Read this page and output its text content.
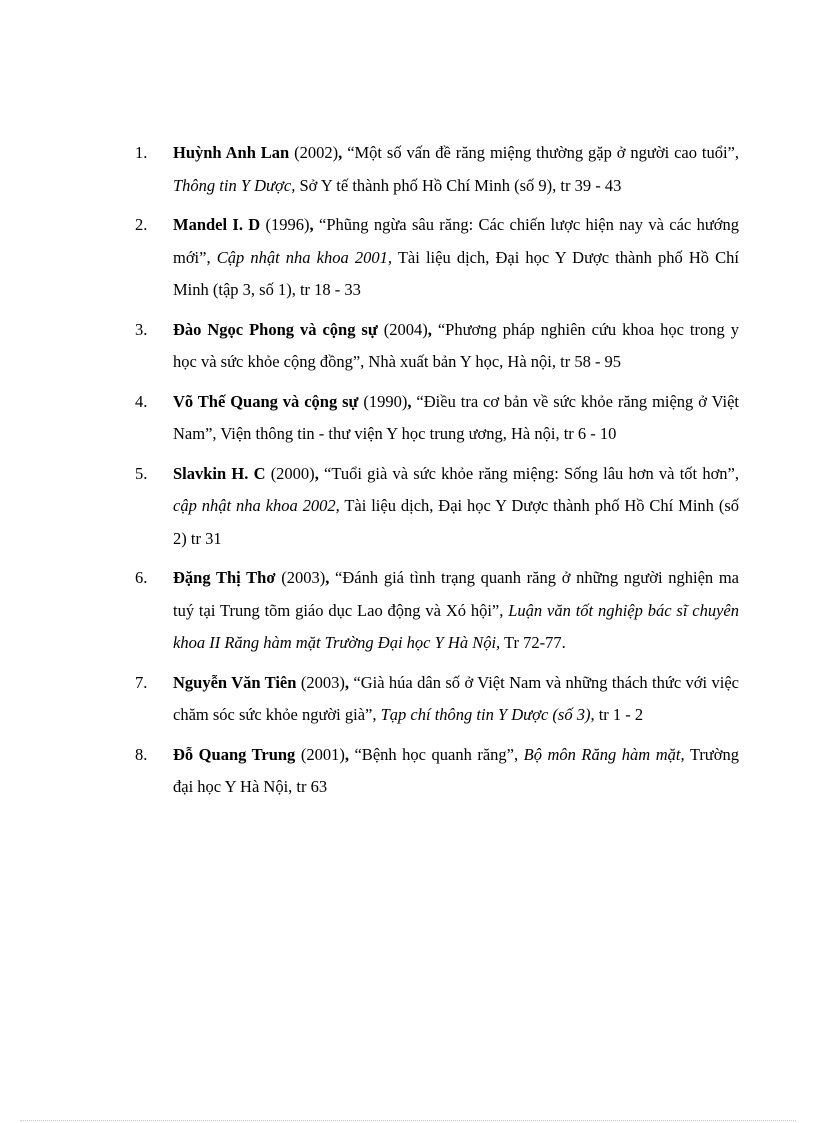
1.	Huỳnh Anh Lan (2002), “Một số vấn đề răng miệng thường gặp ở người cao tuổi”, Thông tin Y Dược, Sở Y tế thành phố Hồ Chí Minh (số 9), tr 39 - 43
2.	Mandel I. D (1996), “Phũng ngừa sâu răng: Các chiến lược hiện nay và các hướng mới”, Cập nhật nha khoa 2001, Tài liệu dịch, Đại học Y Dược thành phố Hồ Chí Minh (tập 3, số 1), tr 18 - 33
3.	Đào Ngọc Phong và cộng sự (2004), “Phương pháp nghiên cứu khoa học trong y học và sức khỏe cộng đồng”, Nhà xuất bản Y học, Hà nội, tr 58 - 95
4.	Võ Thế Quang và cộng sự (1990), “Điều tra cơ bản về sức khỏe răng miệng ở Việt Nam”, Viện thông tin - thư viện Y học trung ương, Hà nội, tr 6 - 10
5.	Slavkin H. C (2000), “Tuổi già và sức khỏe răng miệng: Sống lâu hơn và tốt hơn”, cập nhật nha khoa 2002, Tài liệu dịch, Đại học Y Dược thành phố Hồ Chí Minh (số 2) tr 31
6.	Đặng Thị Thơ (2003), “Đánh giá tình trạng quanh răng ở những người nghiện ma tuý tại Trung tõm giáo dục Lao động và Xó hội”, Luận văn tốt nghiệp bác sĩ chuyên khoa II Răng hàm mặt Trường Đại học Y Hà Nội, Tr 72-77.
7.	Nguyễn Văn Tiên (2003), “Già húa dân số ở Việt Nam và những thách thức với việc chăm sóc sức khỏe người già”, Tạp chí thông tin Y Dược (số 3), tr 1 - 2
8.	Đỗ Quang Trung (2001), “Bệnh học quanh răng”, Bộ môn Răng hàm mặt, Trường đại học Y Hà Nội, tr 63
